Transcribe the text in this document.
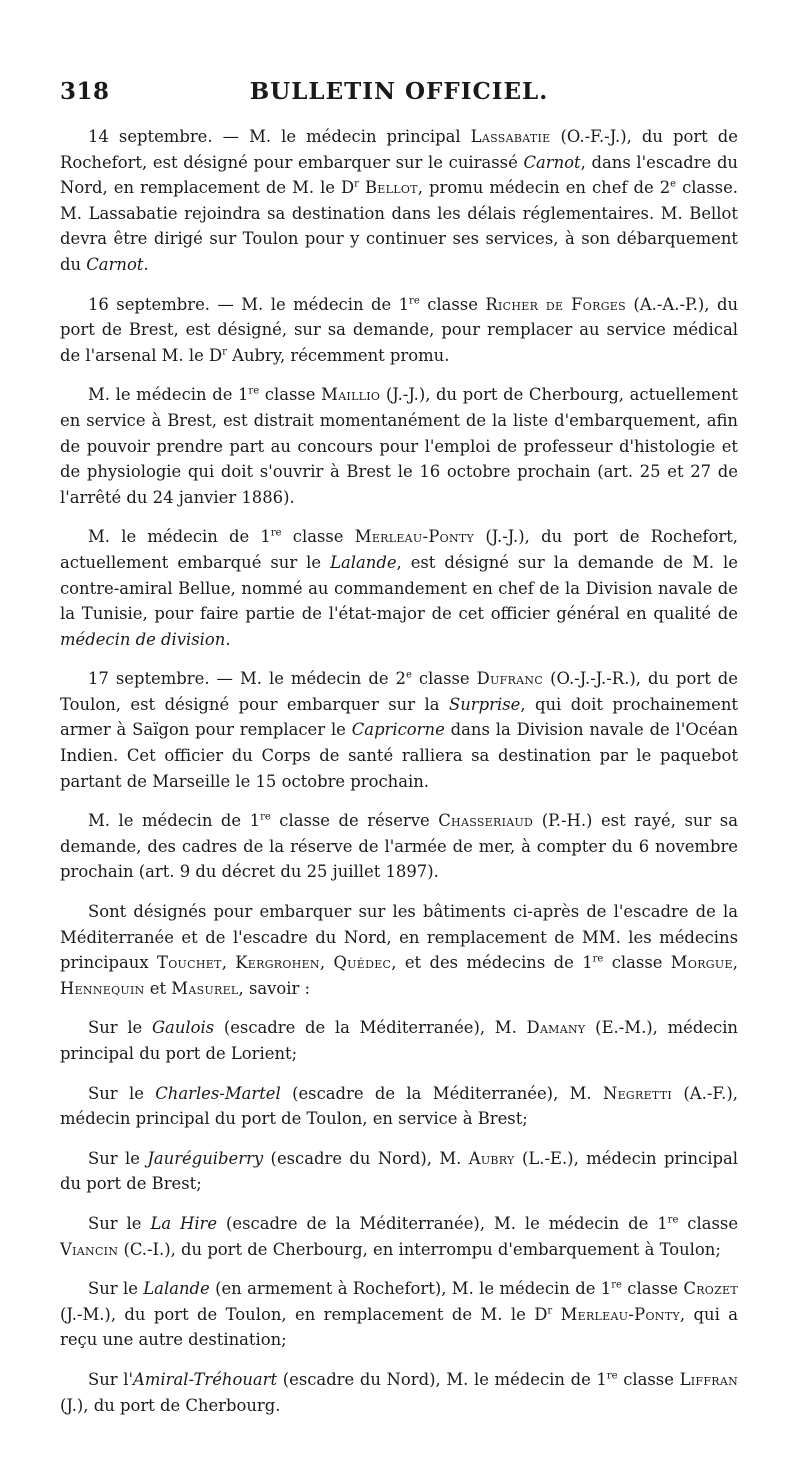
318	BULLETIN OFFICIEL.

14 septembre. — M. le médecin principal Lassabatie (O.-F.-J.), du port de Rochefort, est désigné pour embarquer sur le cuirassé Carnot, dans l'escadre du Nord, en remplacement de M. le $D^r$ Bellot, promu médecin en chef de 2e classe. M. Lassabatie rejoindra sa destination dans les délais réglementaires. M. Bellot devra être dirigé sur Toulon pour y continuer ses services, à son débarquement du Carnot.

16 septembre. — M. le médecin de 1re classe Richer de Forges (A.-A.-P.), du port de Brest, est désigné, sur sa demande, pour remplacer au service médical de l'arsenal M. le $D^r$ Aubry, récemment promu.

M. le médecin de 1re classe Maillio (J.-J.), du port de Cherbourg, actuellement en service à Brest, est distrait momentanément de la liste d'embarquement, afin de pouvoir prendre part au concours pour l'emploi de professeur d'histologie et de physiologie qui doit s'ouvrir à Brest le 16 octobre prochain (art. 25 et 27 de l'arrêté du 24 janvier 1886).

M. le médecin de 1re classe Merleau-Ponty (J.-J.), du port de Rochefort, actuellement embarqué sur le Lalande, est désigné sur la demande de M. le contre-amiral Bellue, nommé au commandement en chef de la Division navale de la Tunisie, pour faire partie de l'état-major de cet officier général en qualité de médecin de division.

17 septembre. — M. le médecin de 2e classe Dufranc (O.-J.-J.-R.), du port de Toulon, est désigné pour embarquer sur la Surprise, qui doit prochainement armer à Saïgon pour remplacer le Capricorne dans la Division navale de l'Océan Indien. Cet officier du Corps de santé ralliera sa destination par le paquebot partant de Marseille le 15 octobre prochain.

M. le médecin de 1re classe de réserve Chasseriaud (P.-H.) est rayé, sur sa demande, des cadres de la réserve de l'armée de mer, à compter du 6 novembre prochain (art. 9 du décret du 25 juillet 1897).

Sont désignés pour embarquer sur les bâtiments ci-après de l'escadre de la Méditerranée et de l'escadre du Nord, en remplacement de MM. les médecins principaux Touchet, Kergrohen, Quédec, et des médecins de 1re classe Morgue, Hennequin et Masurel, savoir :

Sur le Gaulois (escadre de la Méditerranée), M. Damany (E.-M.), médecin principal du port de Lorient;

Sur le Charles-Martel (escadre de la Méditerranée), M. Negretti (A.-F.), médecin principal du port de Toulon, en service à Brest;

Sur le Jauréguiberry (escadre du Nord), M. Aubry (L.-E.), médecin principal du port de Brest;

Sur le La Hire (escadre de la Méditerranée), M. le médecin de 1re classe Viancin (C.-I.), du port de Cherbourg, en interrompu d'embarquement à Toulon;

Sur le Lalande (en armement à Rochefort), M. le médecin de 1re classe Crozet (J.-M.), du port de Toulon, en remplacement de M. le $D^r$ Merleau-Ponty, qui a reçu une autre destination;

Sur l'Amiral-Tréhouart (escadre du Nord), M. le médecin de 1re classe Liffran (J.), du port de Cherbourg.
